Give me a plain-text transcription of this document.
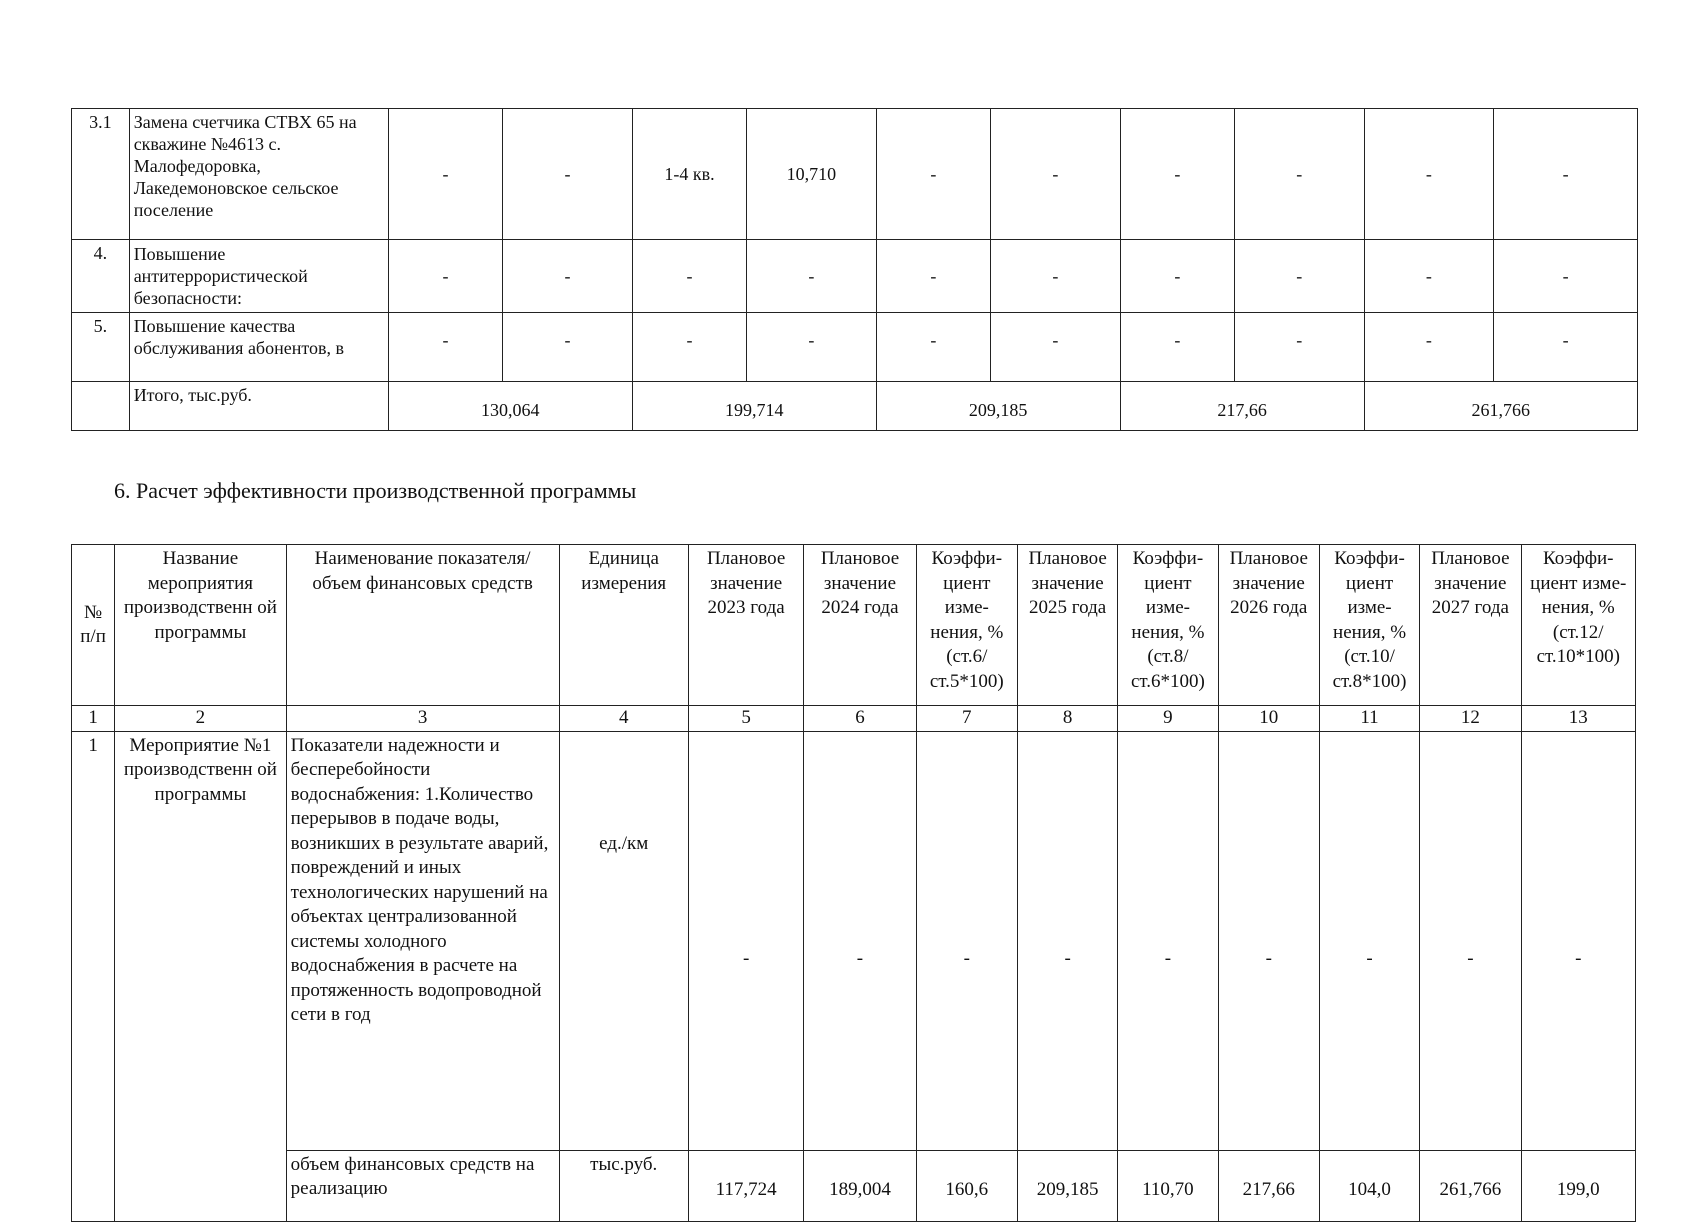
3.1	Замена счетчика СТВХ 65 на скважине №4613 с. Малофедоровка, Лакедемоновское сельское поселение	-	-	1-4 кв.	10,710	-	-	-	-	-	-
4.	Повышение антитеррористической безопасности:	-	-	-	-	-	-	-	-	-	-
5.	Повышение качества обслуживания абонентов, в	-	-	-	-	-	-	-	-	-	-
	Итого, тыс.руб.	130,064		199,714		209,185		217,66		261,766	
6. Расчет эффективности производственной программы
№ п/п	Название мероприятия производственн ой программы	Наименование показателя/объем финансовых средств	Единица измерения	Плановое значение 2023 года	Плановое значение 2024 года	Коэффи-циент изме-нения, % (ст.6/ ст.5*100)	Плановое значение 2025 года	Коэффи-циент изме-нения, % (ст.8/ ст.6*100)	Плановое значение 2026 года	Коэффи-циент изме-нения, % (ст.10/ ст.8*100)	Плановое значение 2027 года	Коэффи-циент изме-нения, % (ст.12/ ст.10*100)
1	2	3	4	5	6	7	8	9	10	11	12	13
1	Мероприятие №1 производственн ой программы	Показатели надежности и бесперебойности водоснабжения: 1.Количество перерывов в подаче воды, возникших в результате аварий, повреждений и иных технологических нарушений на объектах централизованной системы холодного водоснабжения в расчете на протяженность водопроводной сети в год	ед./км	-	-	-	-	-	-	-	-	-
		объем финансовых средств на реализацию	тыс.руб.	117,724	189,004	160,6	209,185	110,70	217,66	104,0	261,766	199,0
